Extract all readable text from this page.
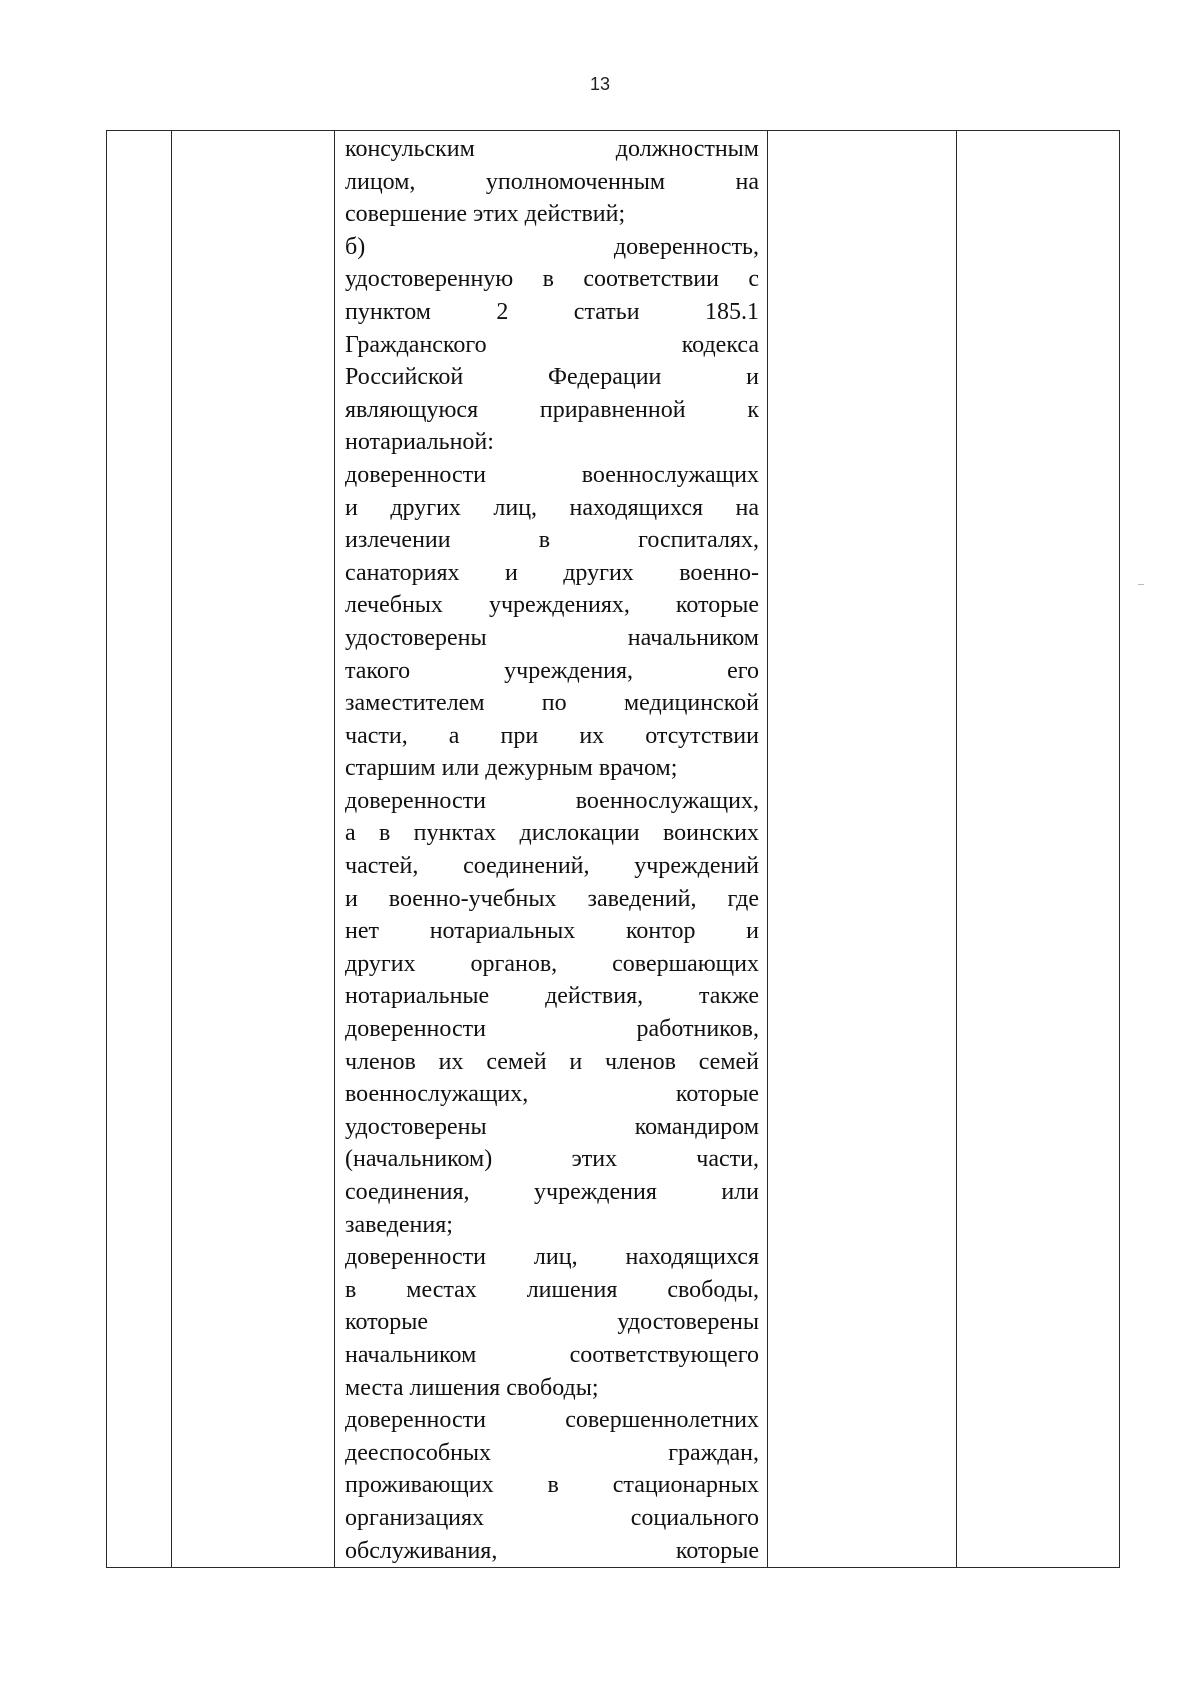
13

консульским должностным
лицом, уполномоченным на
совершение этих действий;
б) доверенность,
удостоверенную в соответствии с
пунктом 2 статьи 185.1
Гражданского кодекса
Российской Федерации и
являющуюся приравненной к
нотариальной:
доверенности военнослужащих
и других лиц, находящихся на
излечении в госпиталях,
санаториях и других военно-
лечебных учреждениях, которые
удостоверены начальником
такого учреждения, его
заместителем по медицинской
части, а при их отсутствии
старшим или дежурным врачом;
доверенности военнослужащих,
а в пунктах дислокации воинских
частей, соединений, учреждений
и военно-учебных заведений, где
нет нотариальных контор и
других органов, совершающих
нотариальные действия, также
доверенности работников,
членов их семей и членов семей
военнослужащих, которые
удостоверены командиром
(начальником) этих части,
соединения, учреждения или
заведения;
доверенности лиц, находящихся
в местах лишения свободы,
которые удостоверены
начальником соответствующего
места лишения свободы;
доверенности совершеннолетних
дееспособных граждан,
проживающих в стационарных
организациях социального
обслуживания, которые
